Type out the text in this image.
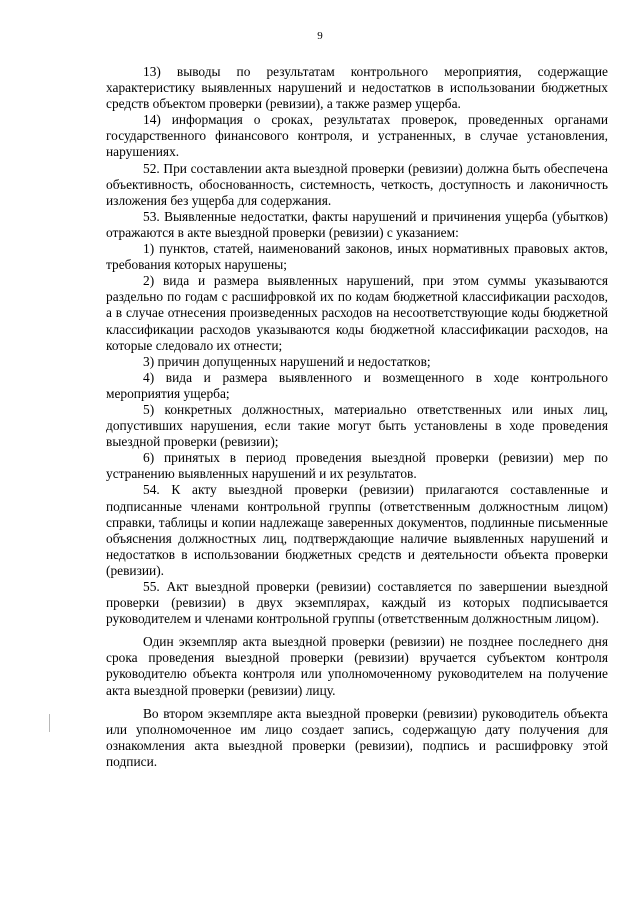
9

13) выводы по результатам контрольного мероприятия, содержащие характеристику выявленных нарушений и недостатков в использовании бюджетных средств объектом проверки (ревизии), а также размер ущерба.

14) информация о сроках, результатах проверок, проведенных органами государственного финансового контроля, и устраненных, в случае установления, нарушениях.

52. При составлении акта выездной проверки (ревизии) должна быть обеспечена объективность, обоснованность, системность, четкость, доступность и лаконичность изложения без ущерба для содержания.

53. Выявленные недостатки, факты нарушений и причинения ущерба (убытков) отражаются в акте выездной проверки (ревизии) с указанием:

1) пунктов, статей, наименований законов, иных нормативных правовых актов, требования которых нарушены;

2) вида и размера выявленных нарушений, при этом суммы указываются раздельно по годам с расшифровкой их по кодам бюджетной классификации расходов, а в случае отнесения произведенных расходов на несоответствующие коды бюджетной классификации расходов указываются коды бюджетной классификации расходов, на которые следовало их отнести;

3) причин допущенных нарушений и недостатков;

4) вида и размера выявленного и возмещенного в ходе контрольного мероприятия ущерба;

5) конкретных должностных, материально ответственных или иных лиц, допустивших нарушения, если такие могут быть установлены в ходе проведения выездной проверки (ревизии);

6) принятых в период проведения выездной проверки (ревизии) мер по устранению выявленных нарушений и их результатов.

54. К акту выездной проверки (ревизии) прилагаются составленные и подписанные членами контрольной группы (ответственным должностным лицом) справки, таблицы и копии надлежаще заверенных документов, подлинные письменные объяснения должностных лиц, подтверждающие наличие выявленных нарушений и недостатков в использовании бюджетных средств и деятельности объекта проверки (ревизии).

55. Акт выездной проверки (ревизии) составляется по завершении выездной проверки (ревизии) в двух экземплярах, каждый из которых подписывается руководителем и членами контрольной группы (ответственным должностным лицом).

Один экземпляр акта выездной проверки (ревизии) не позднее последнего дня срока проведения выездной проверки (ревизии) вручается субъектом контроля руководителю объекта контроля или уполномоченному руководителем на получение акта выездной проверки (ревизии) лицу.

Во втором экземпляре акта выездной проверки (ревизии) руководитель объекта или уполномоченное им лицо создает запись, содержащую дату получения для ознакомления акта выездной проверки (ревизии), подпись и расшифровку этой подписи.
